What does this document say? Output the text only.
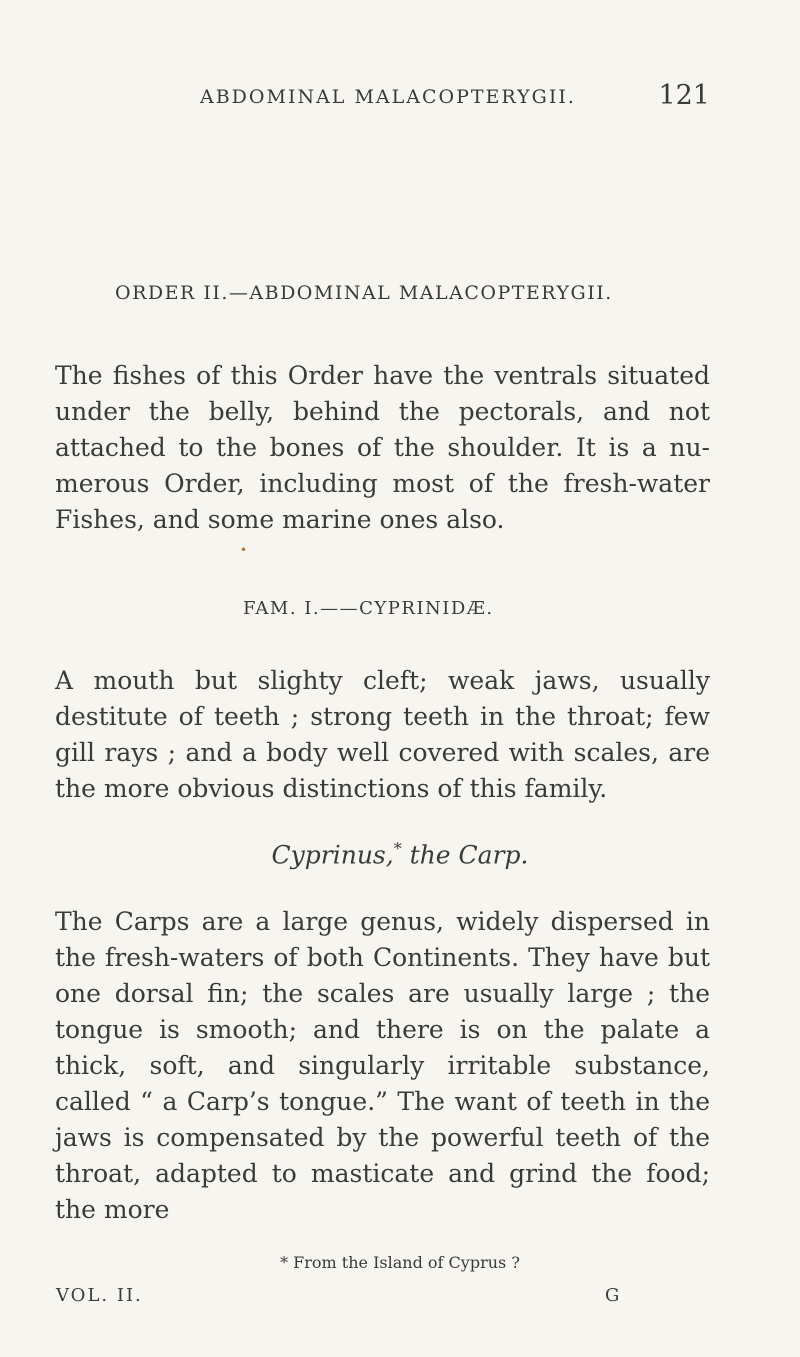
ABDOMINAL MALACOPTERYGII.	121
ORDER II.—ABDOMINAL MALACOPTERYGII.

The fishes of this Order have the ventrals situated under the belly, behind the pectorals, and not attached to the bones of the shoulder. It is a nu-merous Order, including most of the fresh-water Fishes, and some marine ones also.

•
FAM. I.——CYPRINIDÆ.

A mouth but slighty cleft; weak jaws, usually destitute of teeth ; strong teeth in the throat; few gill rays ; and a body well covered with scales, are the more obvious distinctions of this family.

Cyprinus,* the Carp.

The Carps are a large genus, widely dispersed in the fresh-waters of both Continents. They have but one dorsal fin; the scales are usually large ; the tongue is smooth; and there is on the palate a thick, soft, and singularly irritable substance, called “ a Carp’s tongue.” The want of teeth in the jaws is compensated by the powerful teeth of the throat, adapted to masticate and grind the food; the more

* From the Island of Cyprus ?
VOL. II.	G
